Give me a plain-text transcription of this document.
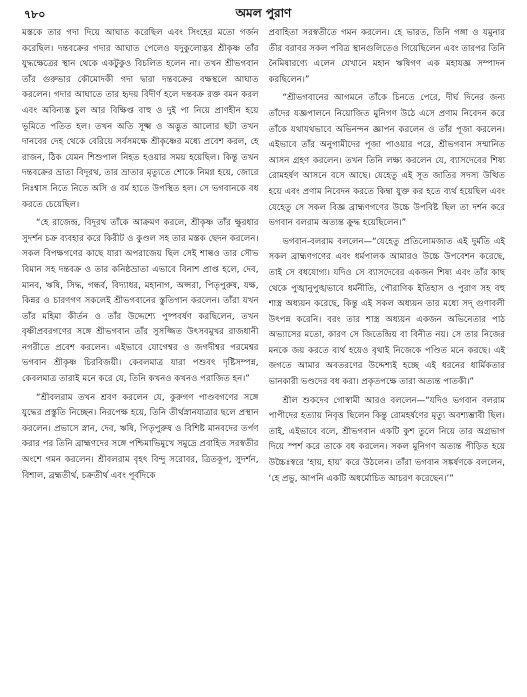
৭৮০	অমল পুরাণ

মস্তকে তার গদা দিয়ে আঘাত করেছিল এবং সিংহের মতো গর্জন করেছিল। দন্তবক্রের গদার আঘাত পেলেও যদুকুলোদ্ভব শ্রীকৃষ্ণ তাঁর যুদ্ধক্ষেত্রের স্থান থেকে একটুকুও বিচলিত হলেন না। তখন শ্রীভগবান তাঁর গুরুভার কৌমোদকী গদা দ্বারা দন্তবক্রের বক্ষস্থলে আঘাত করলেন। গদার আঘাতে তার হৃদয় বিদীর্ণ হলে দন্তবক্র রক্ত বমন করল এবং অবিন্যস্ত চুল আর বিক্ষিপ্ত বাহু ও দুই পা নিয়ে প্রাণহীন হয়ে ভূমিতে পতিত হল। তখন অতি সূক্ষ্ম ও অদ্ভুত আলোর ছটা তখন দানবের দেহ থেকে বেরিয়ে সর্বসমক্ষে শ্রীকৃষ্ণের মধ্যে প্রবেশ করল, হে রাজন, ঠিক যেমন শিশুপাল নিহত হওয়ার সময় হয়েছিল। কিন্তু তখন দন্তবক্রের ভ্রাতা বিদূরথ, তার ভ্রাতার মৃত্যুতে শোকে নিমগ্ন হয়ে, জোরে নিঃশ্বাস নিতে নিতে অসি ও বর্ম হাতে উপস্থিত হল। সে ভগবানকে বধ করতে চেয়েছিল।

“হে রাজেন্দ্র, বিদূরথ তাঁকে আক্রমণ করলে, শ্রীকৃষ্ণ তাঁর ক্ষুরধার সুদর্শন চক্র ব্যবহার করে কিরীট ও কুণ্ডল সহ তার মস্তক ছেদন করলেন। সকল বিপক্ষগণের কাছে যারা অপরাজেয় ছিল সেই শাল্বও তার সৌভ বিমান সহ দন্তবক্র ও তার কনিষ্ঠভ্রাতা এভাবে বিনাশ প্রাপ্ত হলে, দেব, মানব, ঋষি, সিদ্ধ, গন্ধর্ব, বিদ্যাধর, মহানাগ, অপ্সরা, পিতৃপুরুষ, যক্ষ, কিন্নর ও চারণগণ সকলেই শ্রীভগবানের স্তুতিগান করলেন। তাঁরা যখন তাঁর মহিমা কীর্তন ও তাঁর উদ্দেশ্যে পুষ্পবর্ষণ করছিলেন, তখন বৃষ্ণীপ্রবরগণের সঙ্গে শ্রীভগবান তাঁর সুসজ্জিত উৎসবমুখর রাজধানী নগরীতে প্রবেশ করলেন। এইভাবে যোগেশ্বর ও জগদীশ্বর পরমেশ্বর ভগবান শ্রীকৃষ্ণ চিরবিজয়ী। কেবলমাত্র যারা পশুবৎ দৃষ্টিসম্পন্ন, কেবলমাত্র তারাই মনে করে যে, তিনি কখনও কখনও পরাজিত হন।”

“শ্রীবলরাম তখন শ্রবণ করলেন যে, কুরুগণ পাণ্ডবগণের সঙ্গে যুদ্ধের প্রস্তুতি নিচ্ছেন। নিরপেক্ষ হয়ে, তিনি তীর্থস্নানযাত্রার ছলে প্রস্থান করলেন। প্রভাসে স্নান, দেব, ঋষি, পিতৃপুরুষ ও বিশিষ্ট মানবদের তর্পণ করার পর তিনি ব্রাহ্মণদের সঙ্গে পশ্চিমাভিমুখে সমুদ্রে প্রবাহিত সরস্বতীর অংশে গমন করলেন। শ্রীবলরাম বৃহৎ বিন্দু সরোবর, ত্রিতকূপ, সুদর্শন, বিশাল, ব্রহ্মতীর্থ, চক্রতীর্থ এবং পূর্বদিকে

প্রবাহিতা সরস্বতীতে গমন করলেন। হে ভারত, তিনি গঙ্গা ও যমুনার তীর বরাবর সকল পবিত্র স্থানগুলিতেও গিয়েছিলেন এবং তারপর তিনি নৈমিষারণ্যে এলেন যেখানে মহান ঋষিগণ এক মহাযজ্ঞ সম্পাদন করছিলেন।”

“শ্রীভগবানের আগমনে তাঁকে চিনতে পেরে, দীর্ঘ দিনের জন্য তাঁদের যজ্ঞপালনে নিয়োজিত মুনিগণ উঠে এসে প্রণাম নিবেদন করে তাঁকে যথাযথভাবে অভিনন্দন জ্ঞাপন করলেন ও তাঁর পূজা করলেন। এইভাবে তাঁর অনুগামীদের পূজা পাওয়ার পরে, শ্রীভগবান সম্মানিত আসন গ্রহণ করলেন। তখন তিনি লক্ষ্য করলেন যে, ব্যাসদেবের শিষ্য রোমহর্ষণ আসনে বসে আছে। যেহেতু এই সূত জাতির সদস্য উত্থিত হয়ে এবং প্রণাম নিবেদন করতে কিম্বা যুক্ত কর হতে ব্যর্থ হয়েছিল এবং যেহেতু সে সকল বিজ্ঞ ব্রাহ্মণগণের উচ্চে উপবিষ্ট ছিল তা দর্শন করে ভগবান বলরাম অত্যন্ত ক্রুদ্ধ হয়েছিলেন।”

ভগবান-বলরাম বললেন—“যেহেতু প্রতিলোমজাত এই দুর্মতি এই সকল ব্রাহ্মণগণের এবং ধর্মপালক আমারও উচ্চে উপবেশন করেছে, তাই সে বধযোগ্য। যদিও সে ব্যাসদেবের একজন শিষ্য এবং তাঁর কাছ থেকে পুঙ্খানুপুঙ্খভাবে ধর্মনীতি, পৌরাণিক ইতিহাস ও পুরাণ সহ বহু শাস্ত্র অধ্যয়ন করেছে, কিন্তু এই সকল অধ্যয়ন তার মধ্যে সদ্ গুণাবলী উৎপন্ন করেনি। বরং তার শাস্ত্র অধ্যয়ন একজন অভিনেতার পাঠ অভ্যাসের মতো, কারণ সে জিতেন্দ্রিয় বা বিনীত নয়। সে তার নিজের মনকে জয় করতে ব্যর্থ হয়েও বৃথাই নিজেকে পণ্ডিত মনে করছে। এই জগতে আমার অবতরণের উদ্দেশ্যই হচ্ছে এই ধরনের ধার্মিকতার ভানকারী ভণ্ডদের বধ করা। প্রকৃতপক্ষে তারা অত্যন্ত পাতকী।”

শ্রীল শুকদেব গোস্বামী আরও বললেন—“যদিও ভগবান বলরাম পাপীদের হত্যায় নিবৃত্ত ছিলেন কিন্তু রোমহর্ষণের মৃত্যু অবশ্যম্ভাবী ছিল। তাই, এইভাবে বলে, শ্রীভগবান একটি কুশ তুলে নিয়ে তার অগ্রভাগ দিয়ে স্পর্শ করে তাকে বধ করলেন। সকল মুনিগণ অত্যন্ত পীড়িত হয়ে উচ্চৈঃস্বরে ‘হায়, হায়’ করে উঠলেন। তাঁরা ভগবান সঙ্কর্ষণকে বললেন, ‘হে প্রভু, আপনি একটি অধর্মোচিত আচরণ করেছেন।’”
